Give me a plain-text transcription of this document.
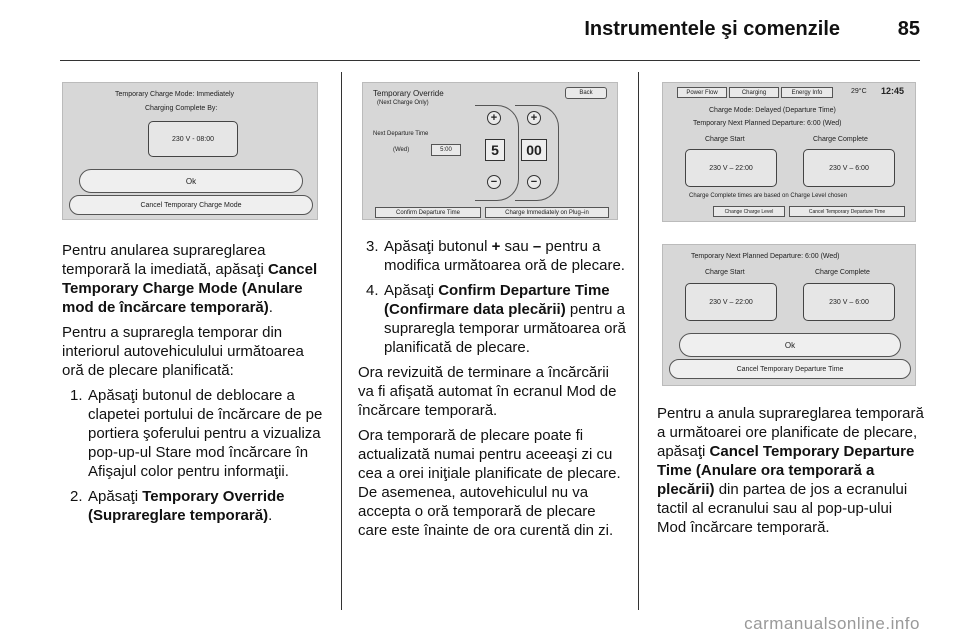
Instrumentele şi comenzile	85
Temporary Charge Mode: Immediately
Charging Complete By:
230 V - 08:00
Ok
Cancel Temporary Charge Mode

Pentru anularea suprareglarea temporară la imediată, apăsaţi Cancel Temporary Charge Mode (Anulare mod de încărcare temporară).

Pentru a supraregla temporar din interiorul autovehiculului următoarea oră de plecare planificată:

1. Apăsaţi butonul de deblocare a clapetei portului de încărcare de pe portiera şoferului pentru a vizualiza pop-up-ul Stare mod încărcare în Afişajul color pentru informaţii.
2. Apăsaţi Temporary Override (Suprareglare temporară).
Temporary Override
(Next Charge Only)
Back
Next Departure Time
(Wed)	5:00
+
5
−
+
00
−
Confirm Departure Time	Charge Immediately on Plug–in
3. Apăsaţi butonul + sau – pentru a modifica următoarea oră de plecare.
4. Apăsaţi Confirm Departure Time (Confirmare data plecării) pentru a supraregla temporar următoarea oră planificată de plecare.

Ora revizuită de terminare a încărcării va fi afişată automat în ecranul Mod de încărcare temporară.

Ora temporară de plecare poate fi actualizată numai pentru aceeaşi zi cu cea a orei iniţiale planificate de plecare. De asemenea, autovehiculul nu va accepta o oră temporară de plecare care este înainte de ora curentă din zi.

Power Flow	Charging	Energy Info	29°C 12:45
Charge Mode: Delayed (Departure Time)
Temporary Next Planned Departure: 6:00 (Wed)
Charge Start	Charge Complete
230 V – 22:00	230 V – 6:00
Charge Complete times are based on Charge Level chosen
Change Charge Level	Cancel Temporary Departure Time
Temporary Next Planned Departure: 6:00 (Wed)
Charge Start	Charge Complete
230 V – 22:00	230 V – 6:00
Ok
Cancel Temporary Departure Time

Pentru a anula suprareglarea temporară a următoarei ore planificate de plecare, apăsaţi Cancel Temporary Departure Time (Anulare ora temporară a plecării) din partea de jos a ecranului tactil al ecranului sau al pop-up-ului Mod încărcare temporară.

carmanualsonline.info
